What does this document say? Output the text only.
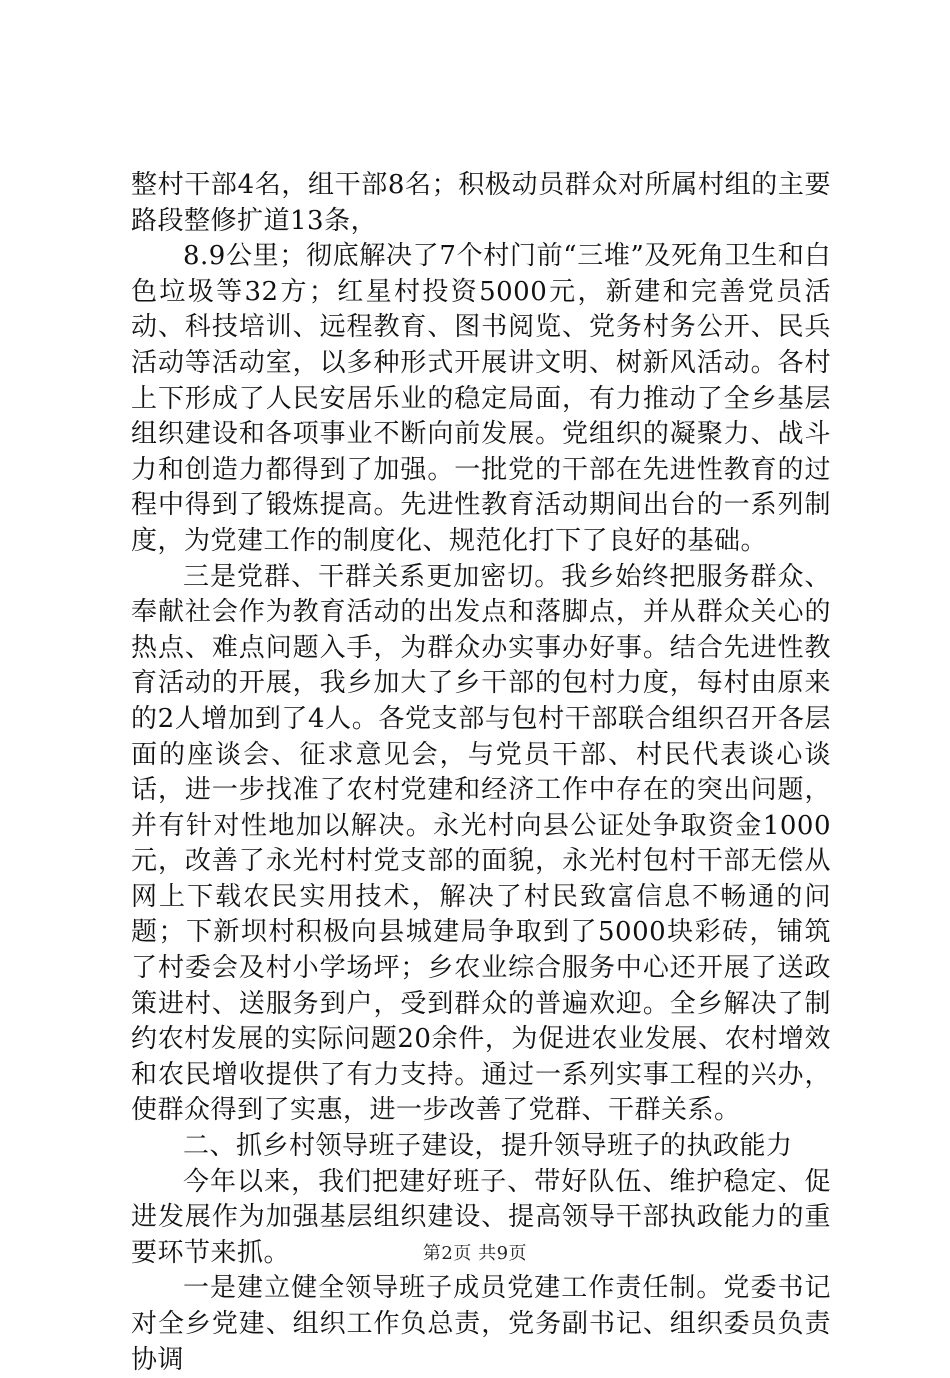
整村干部4名，组干部8名；积极动员群众对所属村组的主要路段整修扩道13条，

8.9公里；彻底解决了7个村门前“三堆”及死角卫生和白色垃圾等32方；红星村投资5000元，新建和完善党员活动、科技培训、远程教育、图书阅览、党务村务公开、民兵活动等活动室，以多种形式开展讲文明、树新风活动。各村上下形成了人民安居乐业的稳定局面，有力推动了全乡基层组织建设和各项事业不断向前发展。党组织的凝聚力、战斗力和创造力都得到了加强。一批党的干部在先进性教育的过程中得到了锻炼提高。先进性教育活动期间出台的一系列制度，为党建工作的制度化、规范化打下了良好的基础。

三是党群、干群关系更加密切。我乡始终把服务群众、奉献社会作为教育活动的出发点和落脚点，并从群众关心的热点、难点问题入手，为群众办实事办好事。结合先进性教育活动的开展，我乡加大了乡干部的包村力度，每村由原来的2人增加到了4人。各党支部与包村干部联合组织召开各层面的座谈会、征求意见会，与党员干部、村民代表谈心谈话，进一步找准了农村党建和经济工作中存在的突出问题，并有针对性地加以解决。永光村向县公证处争取资金1000元，改善了永光村村党支部的面貌，永光村包村干部无偿从网上下载农民实用技术，解决了村民致富信息不畅通的问题；下新坝村积极向县城建局争取到了5000块彩砖，铺筑了村委会及村小学场坪；乡农业综合服务中心还开展了送政策进村、送服务到户，受到群众的普遍欢迎。全乡解决了制约农村发展的实际问题20余件，为促进农业发展、农村增效和农民增收提供了有力支持。通过一系列实事工程的兴办，使群众得到了实惠，进一步改善了党群、干群关系。

二、抓乡村领导班子建设，提升领导班子的执政能力

今年以来，我们把建好班子、带好队伍、维护稳定、促进发展作为加强基层组织建设、提高领导干部执政能力的重要环节来抓。

一是建立健全领导班子成员党建工作责任制。党委书记对全乡党建、组织工作负总责，党务副书记、组织委员负责协调

第2页 共9页
